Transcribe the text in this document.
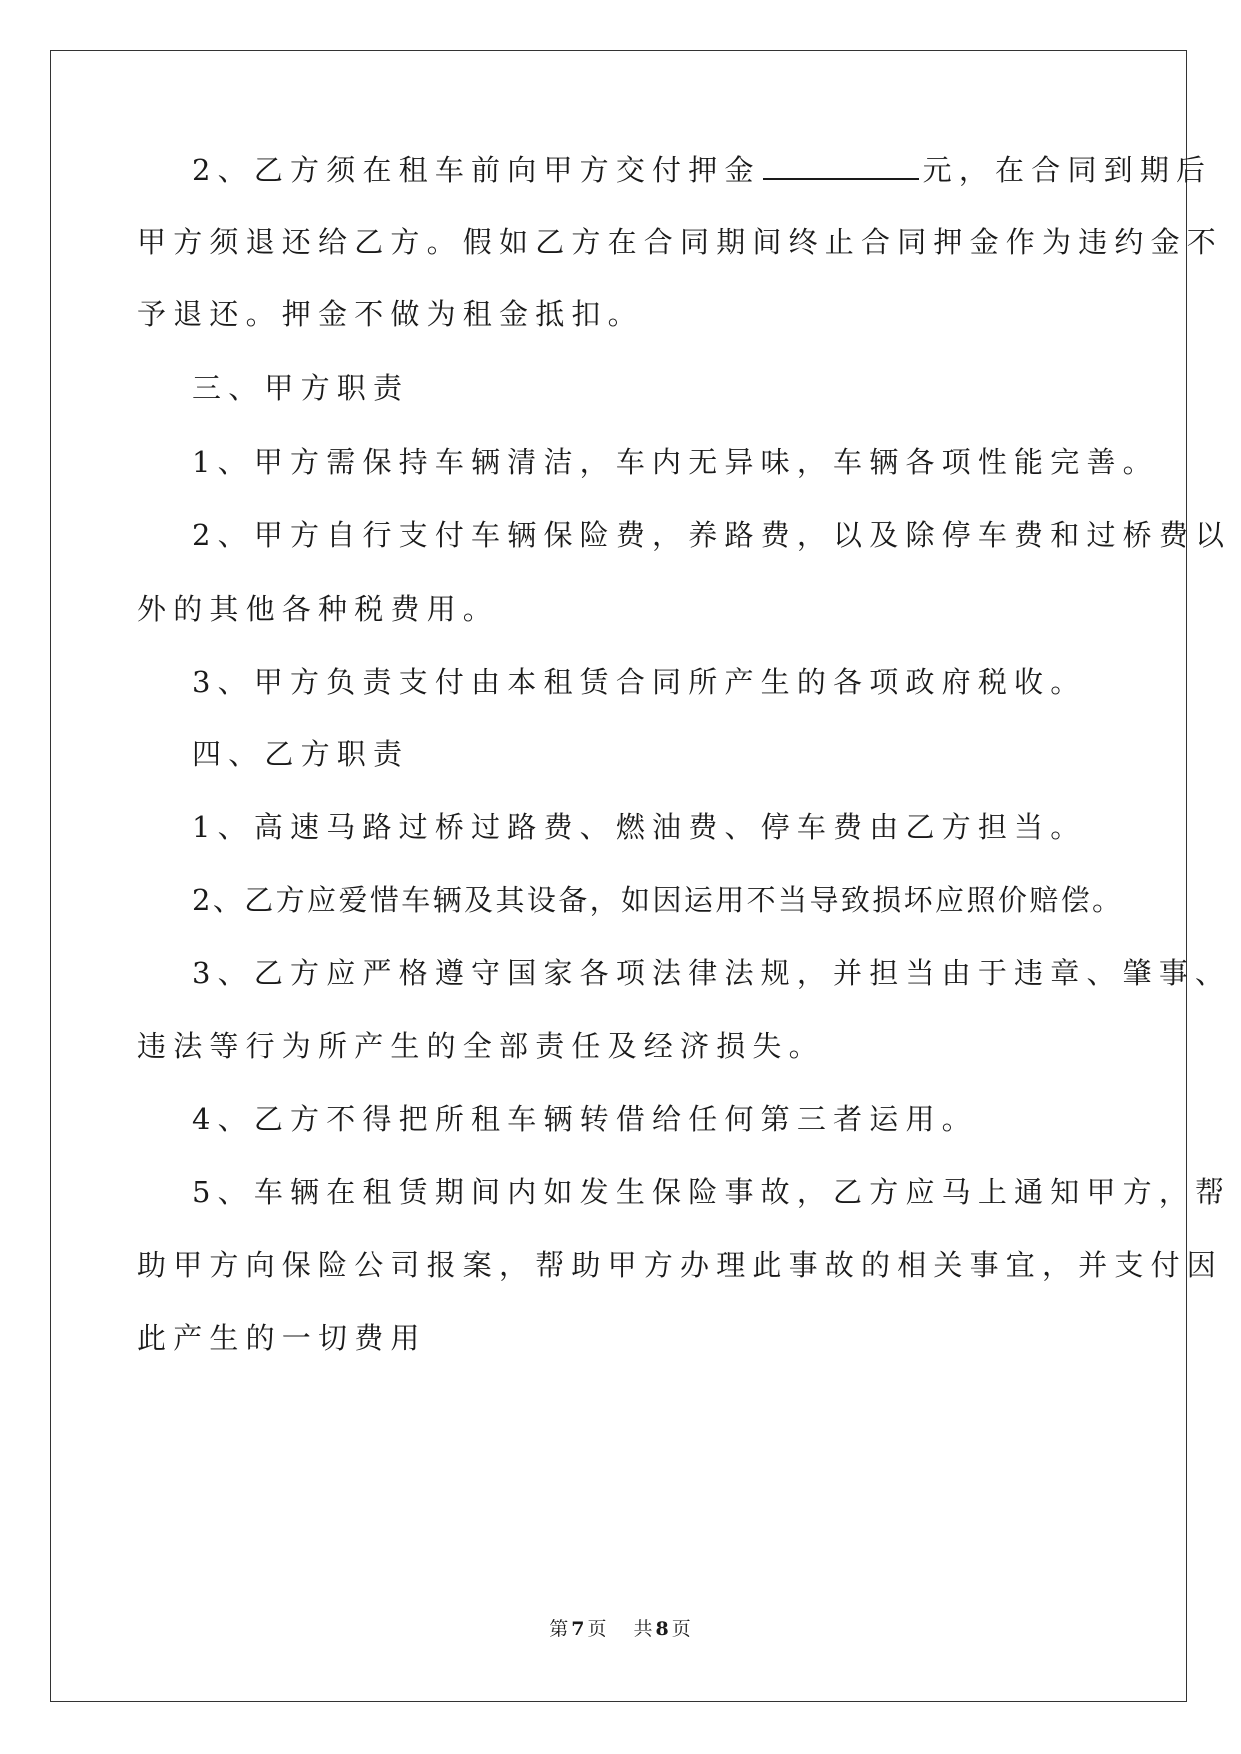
2、乙方须在租车前向甲方交付押金	元，在合同到期后
甲方须退还给乙方。假如乙方在合同期间终止合同押金作为违约金不
予退还。押金不做为租金抵扣。
三、甲方职责
1、甲方需保持车辆清洁，车内无异味，车辆各项性能完善。
2、甲方自行支付车辆保险费，养路费，以及除停车费和过桥费以
外的其他各种税费用。
3、甲方负责支付由本租赁合同所产生的各项政府税收。
四、乙方职责
1、高速马路过桥过路费、燃油费、停车费由乙方担当。
2、乙方应爱惜车辆及其设备，如因运用不当导致损坏应照价赔偿。
3、乙方应严格遵守国家各项法律法规，并担当由于违章、肇事、
违法等行为所产生的全部责任及经济损失。
4、乙方不得把所租车辆转借给任何第三者运用。
5、车辆在租赁期间内如发生保险事故，乙方应马上通知甲方，帮
助甲方向保险公司报案，帮助甲方办理此事故的相关事宜，并支付因
此产生的一切费用
第 7 页 共 8 页
